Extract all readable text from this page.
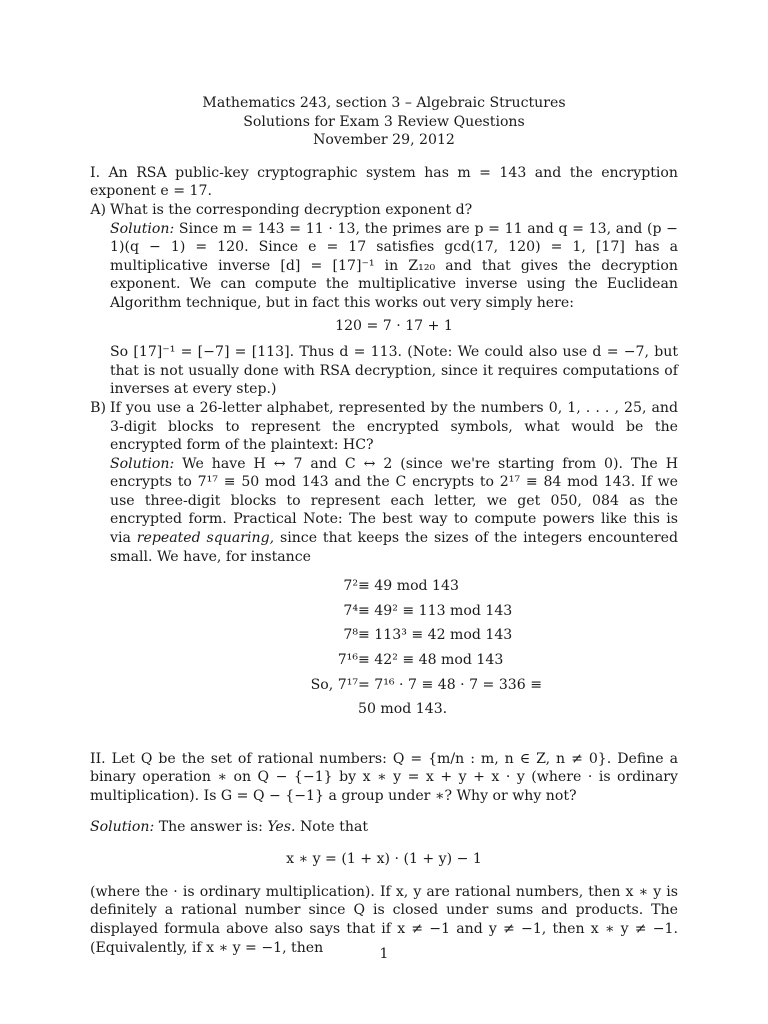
Mathematics 243, section 3 – Algebraic Structures
Solutions for Exam 3 Review Questions
November 29, 2012
I. An RSA public-key cryptographic system has m = 143 and the encryption exponent e = 17.
A) What is the corresponding decryption exponent d?
Solution: Since m = 143 = 11 · 13, the primes are p = 11 and q = 13, and (p − 1)(q − 1) = 120. Since e = 17 satisfies gcd(17, 120) = 1, [17] has a multiplicative inverse [d] = [17]⁻¹ in Z₁₂₀ and that gives the decryption exponent. We can compute the multiplicative inverse using the Euclidean Algorithm technique, but in fact this works out very simply here:
120 = 7 · 17 + 1
So [17]⁻¹ = [−7] = [113]. Thus d = 113. (Note: We could also use d = −7, but that is not usually done with RSA decryption, since it requires computations of inverses at every step.)
B) If you use a 26-letter alphabet, represented by the numbers 0, 1, . . . , 25, and 3-digit blocks to represent the encrypted symbols, what would be the encrypted form of the plaintext: HC?
Solution: We have H ↔ 7 and C ↔ 2 (since we're starting from 0). The H encrypts to 7¹⁷ ≡ 50 mod 143 and the C encrypts to 2¹⁷ ≡ 84 mod 143. If we use three-digit blocks to represent each letter, we get 050, 084 as the encrypted form. Practical Note: The best way to compute powers like this is via repeated squaring, since that keeps the sizes of the integers encountered small. We have, for instance
7² ≡ 49 mod 143
7⁴ ≡ 49² ≡ 113 mod 143
7⁸ ≡ 113³ ≡ 42 mod 143
7¹⁶ ≡ 42² ≡ 48 mod 143
So, 7¹⁷ = 7¹⁶ · 7 ≡ 48 · 7 = 336 ≡ 50 mod 143.
II. Let Q be the set of rational numbers: Q = {m/n : m, n ∈ Z, n ≠ 0}. Define a binary operation ∗ on Q − {−1} by x ∗ y = x + y + x · y (where · is ordinary multiplication). Is G = Q − {−1} a group under ∗? Why or why not?
Solution: The answer is: Yes. Note that
x ∗ y = (1 + x) · (1 + y) − 1
(where the · is ordinary multiplication). If x, y are rational numbers, then x ∗ y is definitely a rational number since Q is closed under sums and products. The displayed formula above also says that if x ≠ −1 and y ≠ −1, then x ∗ y ≠ −1. (Equivalently, if x ∗ y = −1, then	1
